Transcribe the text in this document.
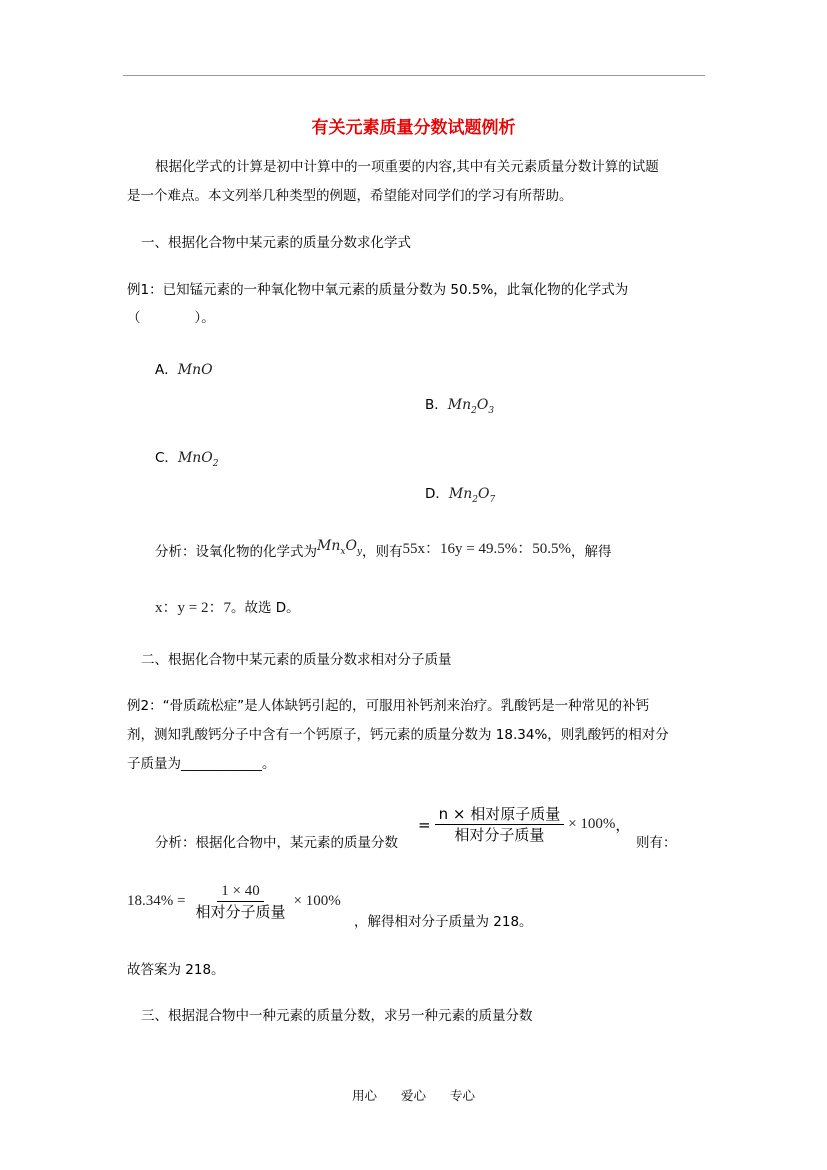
有关元素质量分数试题例析
根据化学式的计算是初中计算中的一项重要的内容,其中有关元素质量分数计算的试题
是一个难点。本文列举几种类型的例题，希望能对同学们的学习有所帮助。
一、根据化合物中某元素的质量分数求化学式
例1：已知锰元素的一种氧化物中氧元素的质量分数为 50.5%，此氧化物的化学式为
（　　　　）。
A．MnO
B．$Mn_2O_3$
C．MnO$_2$
D．$Mn_2O_7$
分析：设氧化物的化学式为$Mn_xO_y$，则有55x：16y = 49.5%：50.5%，解得
x：y = 2：7。故选 D。
二、根据化合物中某元素的质量分数求相对分子质量
例2：“骨质疏松症”是人体缺钙引起的，可服用补钙剂来治疗。乳酸钙是一种常见的补钙
剂，测知乳酸钙分子中含有一个钙原子，钙元素的质量分数为 18.34%，则乳酸钙的相对分
子质量为____________。
分析：根据化合物中，某元素的质量分数
= $\frac{\text{n × 相对原子质量}}{\text{相对分子质量}} \times 100\%$ ，
则有：
$18.34\% = \frac{1 \times 40}{\text{相对分子质量}} \times 100\%$
，解得相对分子质量为 218。
故答案为 218。
三、根据混合物中一种元素的质量分数，求另一种元素的质量分数
用心 爱心 专心
